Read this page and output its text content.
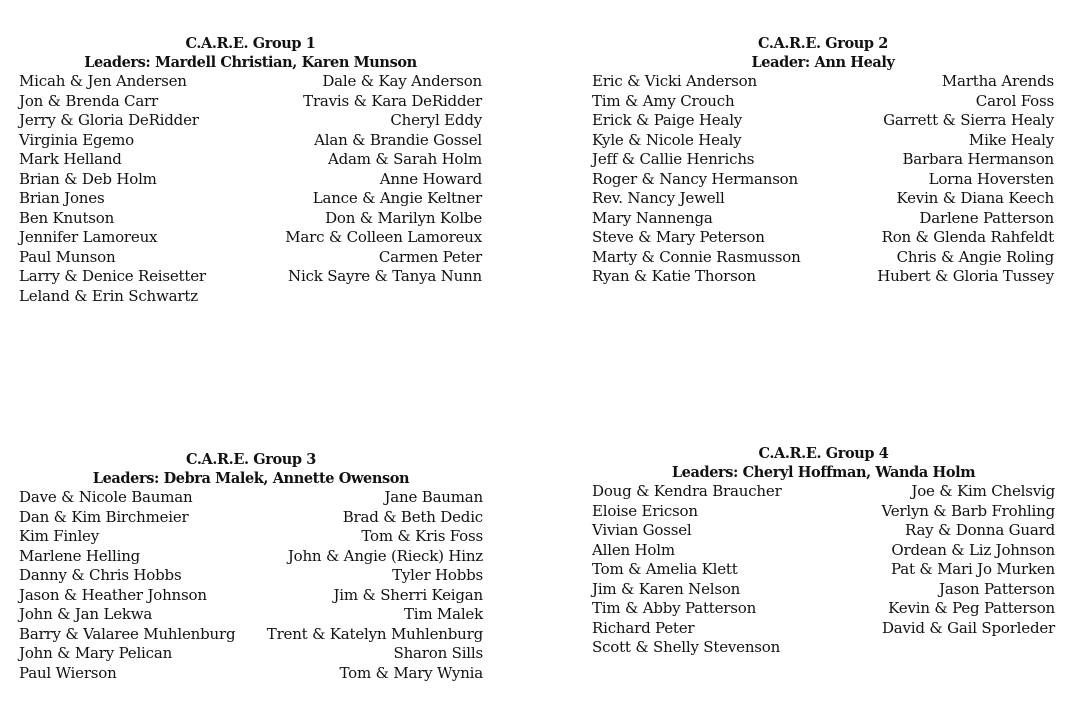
C.A.R.E. Group 1
Leaders: Mardell Christian, Karen Munson
Micah & Jen Andersen
Jon & Brenda Carr
Jerry & Gloria DeRidder
Virginia Egemo
Mark Helland
Brian & Deb Holm
Brian Jones
Ben Knutson
Jennifer Lamoreux
Paul Munson
Larry & Denice Reisetter
Leland & Erin Schwartz
Dale & Kay Anderson
Travis & Kara DeRidder
Cheryl Eddy
Alan & Brandie Gossel
Adam & Sarah Holm
Anne Howard
Lance & Angie Keltner
Don & Marilyn Kolbe
Marc & Colleen Lamoreux
Carmen Peter
Nick Sayre & Tanya Nunn
C.A.R.E. Group 2
Leader: Ann Healy
Eric & Vicki Anderson
Tim & Amy Crouch
Erick & Paige Healy
Kyle & Nicole Healy
Jeff & Callie Henrichs
Roger & Nancy Hermanson
Rev. Nancy Jewell
Mary Nannenga
Steve & Mary Peterson
Marty & Connie Rasmusson
Ryan & Katie Thorson
Martha Arends
Carol Foss
Garrett & Sierra Healy
Mike Healy
Barbara Hermanson
Lorna Hoversten
Kevin & Diana Keech
Darlene Patterson
Ron & Glenda Rahfeldt
Chris & Angie Roling
Hubert & Gloria Tussey
C.A.R.E. Group 3
Leaders: Debra Malek, Annette Owenson
Dave & Nicole Bauman
Dan & Kim Birchmeier
Kim Finley
Marlene Helling
Danny & Chris Hobbs
Jason & Heather Johnson
John & Jan Lekwa
Barry & Valaree Muhlenburg
John & Mary Pelican
Paul Wierson
Jane Bauman
Brad & Beth Dedic
Tom & Kris Foss
John & Angie (Rieck) Hinz
Tyler Hobbs
Jim & Sherri Keigan
Tim Malek
Trent & Katelyn Muhlenburg
Sharon Sills
Tom & Mary Wynia
C.A.R.E. Group 4
Leaders: Cheryl Hoffman, Wanda Holm
Doug & Kendra Braucher
Eloise Ericson
Vivian Gossel
Allen Holm
Tom & Amelia Klett
Jim & Karen Nelson
Tim & Abby Patterson
Richard Peter
Scott & Shelly Stevenson
Joe & Kim Chelsvig
Verlyn & Barb Frohling
Ray & Donna Guard
Ordean & Liz Johnson
Pat & Mari Jo Murken
Jason Patterson
Kevin & Peg Patterson
David & Gail Sporleder
